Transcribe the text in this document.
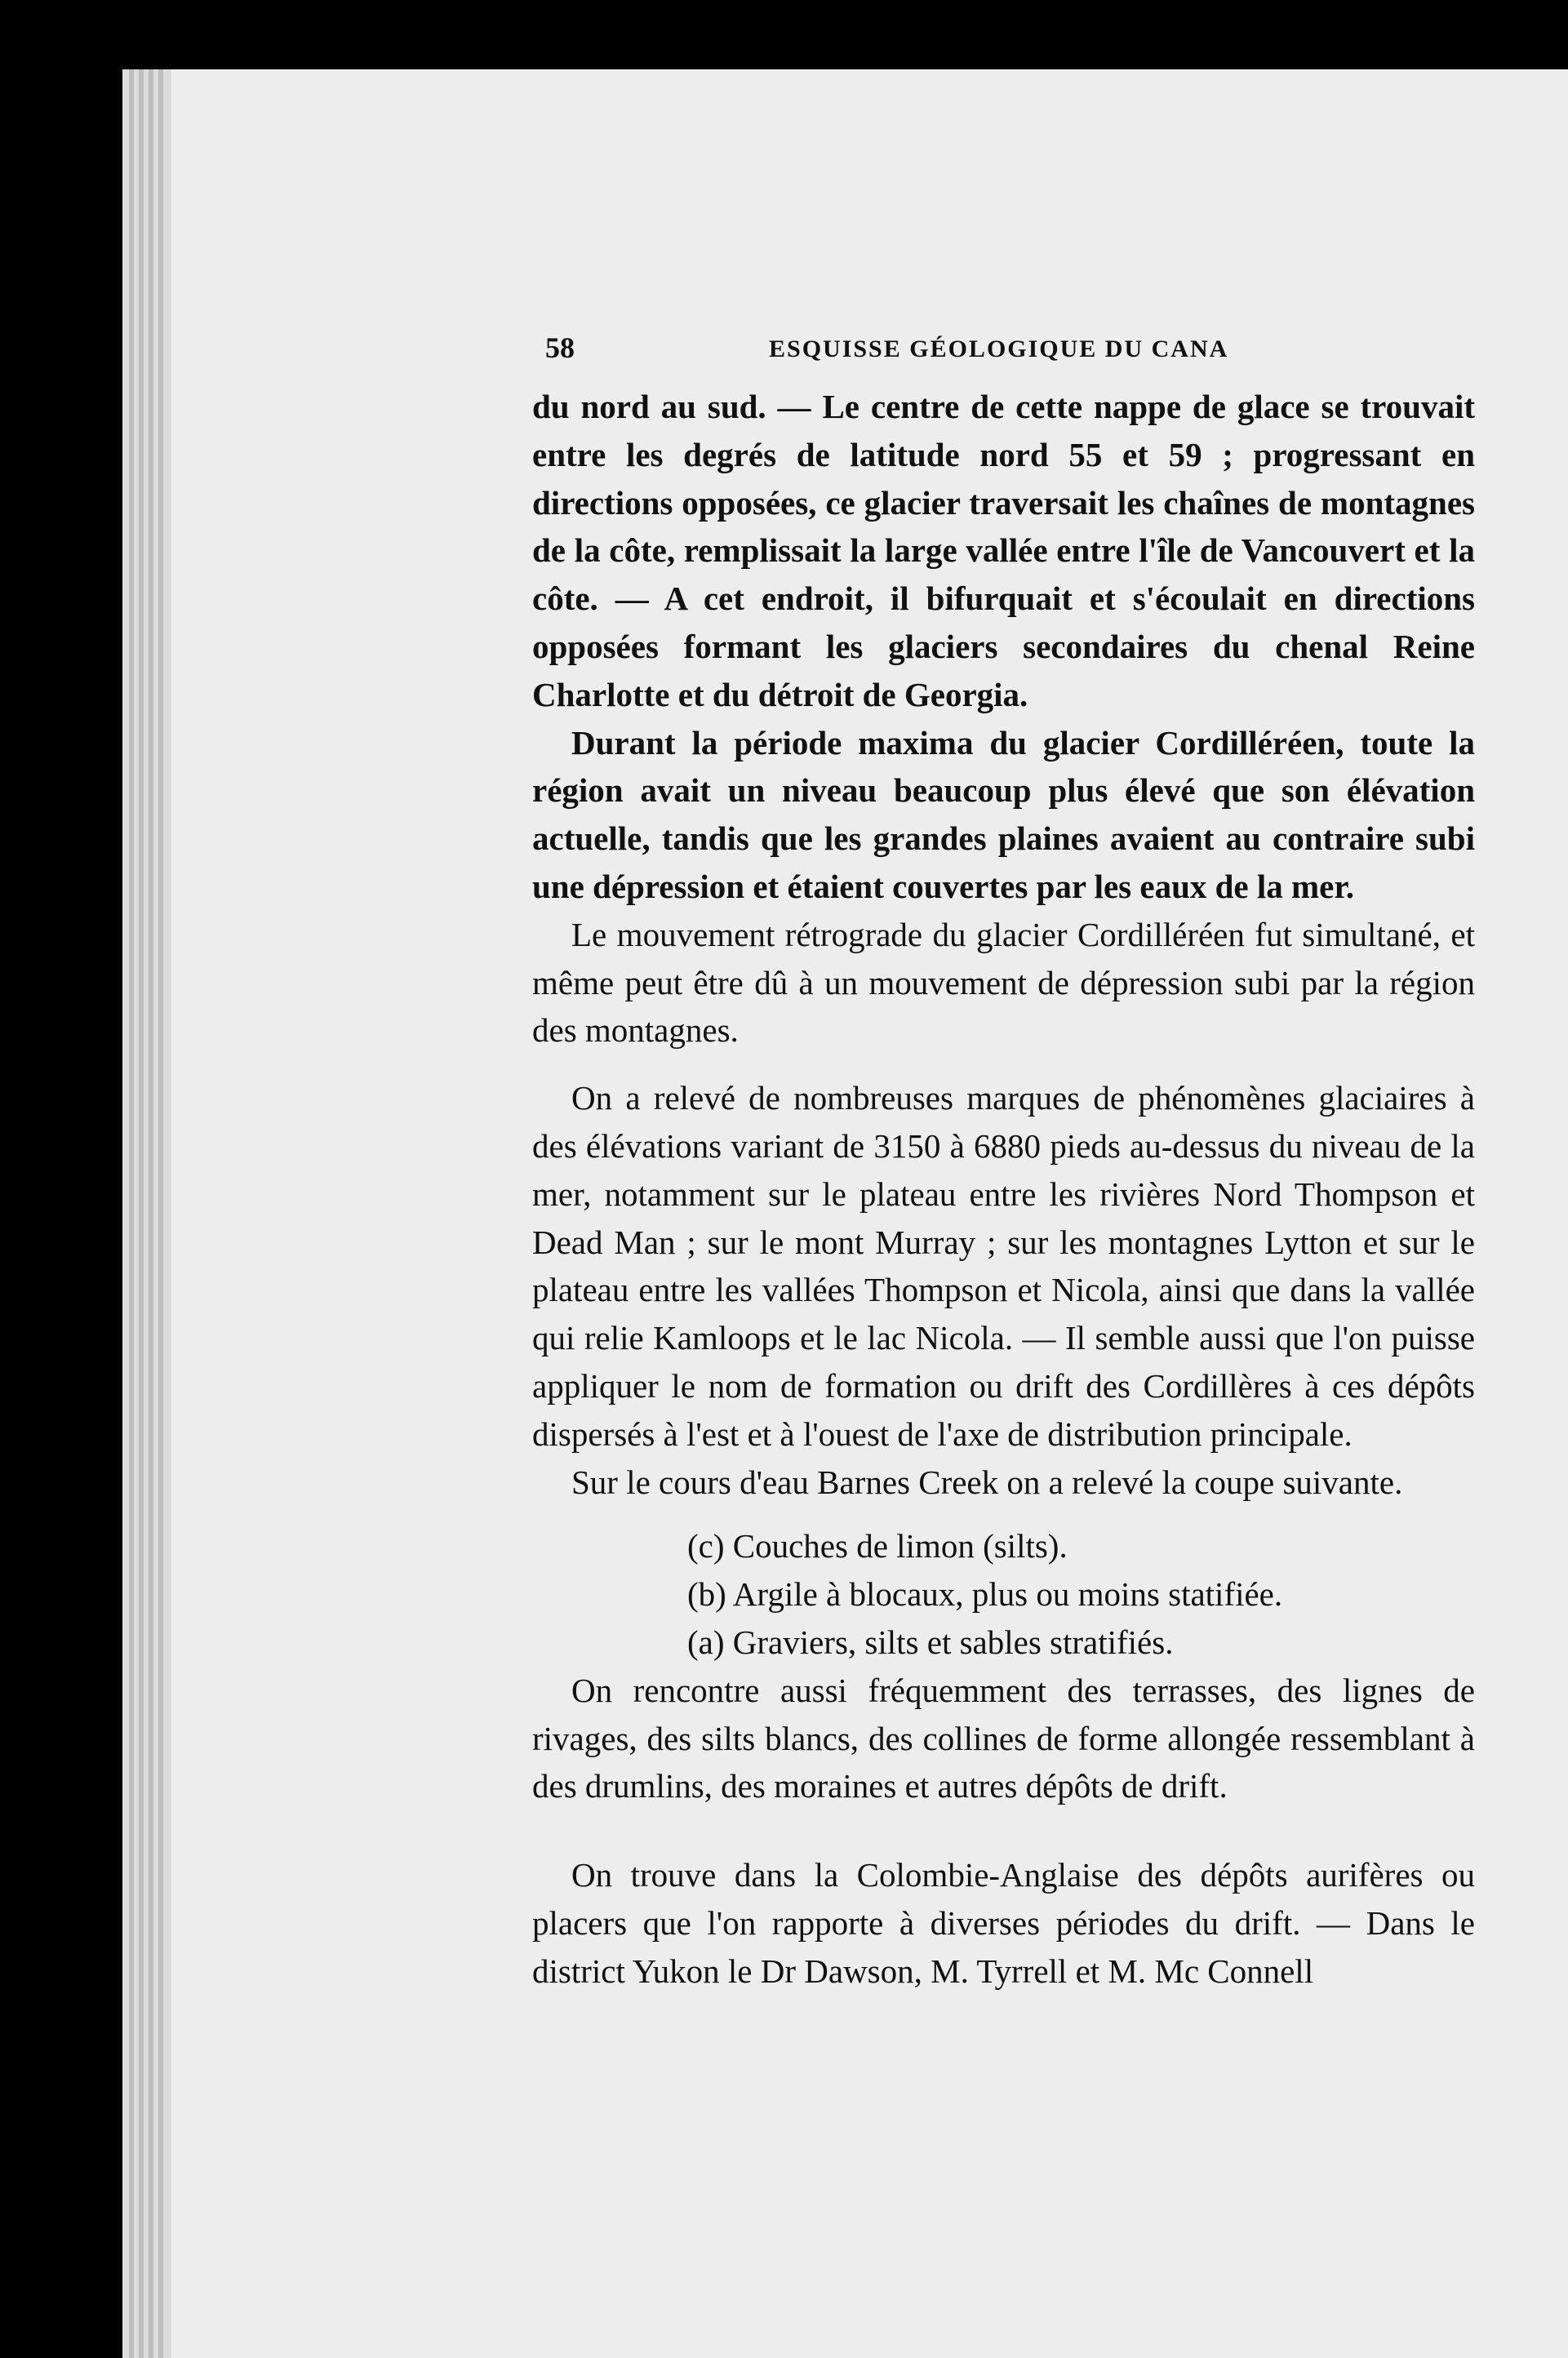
58	ESQUISSE GÉOLOGIQUE DU CANA

du nord au sud. — Le centre de cette nappe de glace se trouvait entre les degrés de latitude nord 55 et 59 ; progressant en directions opposées, ce glacier traversait les chaînes de montagnes de la côte, remplissait la large vallée entre l'île de Vancouvert et la côte. — A cet endroit, il bifurquait et s'écoulait en directions opposées formant les glaciers secondaires du chenal Reine Charlotte et du détroit de Georgia.

Durant la période maxima du glacier Cordilléréen, toute la région avait un niveau beaucoup plus élevé que son élévation actuelle, tandis que les grandes plaines avaient au contraire subi une dépression et étaient couvertes par les eaux de la mer.

Le mouvement rétrograde du glacier Cordilléréen fut simultané, et même peut être dû à un mouvement de dépression subi par la région des montagnes.

On a relevé de nombreuses marques de phénomènes glaciaires à des élévations variant de 3150 à 6880 pieds au-dessus du niveau de la mer, notamment sur le plateau entre les rivières Nord Thompson et Dead Man ; sur le mont Murray ; sur les montagnes Lytton et sur le plateau entre les vallées Thompson et Nicola, ainsi que dans la vallée qui relie Kamloops et le lac Nicola. — Il semble aussi que l'on puisse appliquer le nom de formation ou drift des Cordillères à ces dépôts dispersés à l'est et à l'ouest de l'axe de distribution principale.

Sur le cours d'eau Barnes Creek on a relevé la coupe suivante.

(c) Couches de limon (silts).
(b) Argile à blocaux, plus ou moins statifiée.
(a) Graviers, silts et sables stratifiés.

On rencontre aussi fréquemment des terrasses, des lignes de rivages, des silts blancs, des collines de forme allongée ressemblant à des drumlins, des moraines et autres dépôts de drift.

On trouve dans la Colombie-Anglaise des dépôts aurifères ou placers que l'on rapporte à diverses périodes du drift. — Dans le district Yukon le Dr Dawson, M. Tyrrell et M. Mc Connell
